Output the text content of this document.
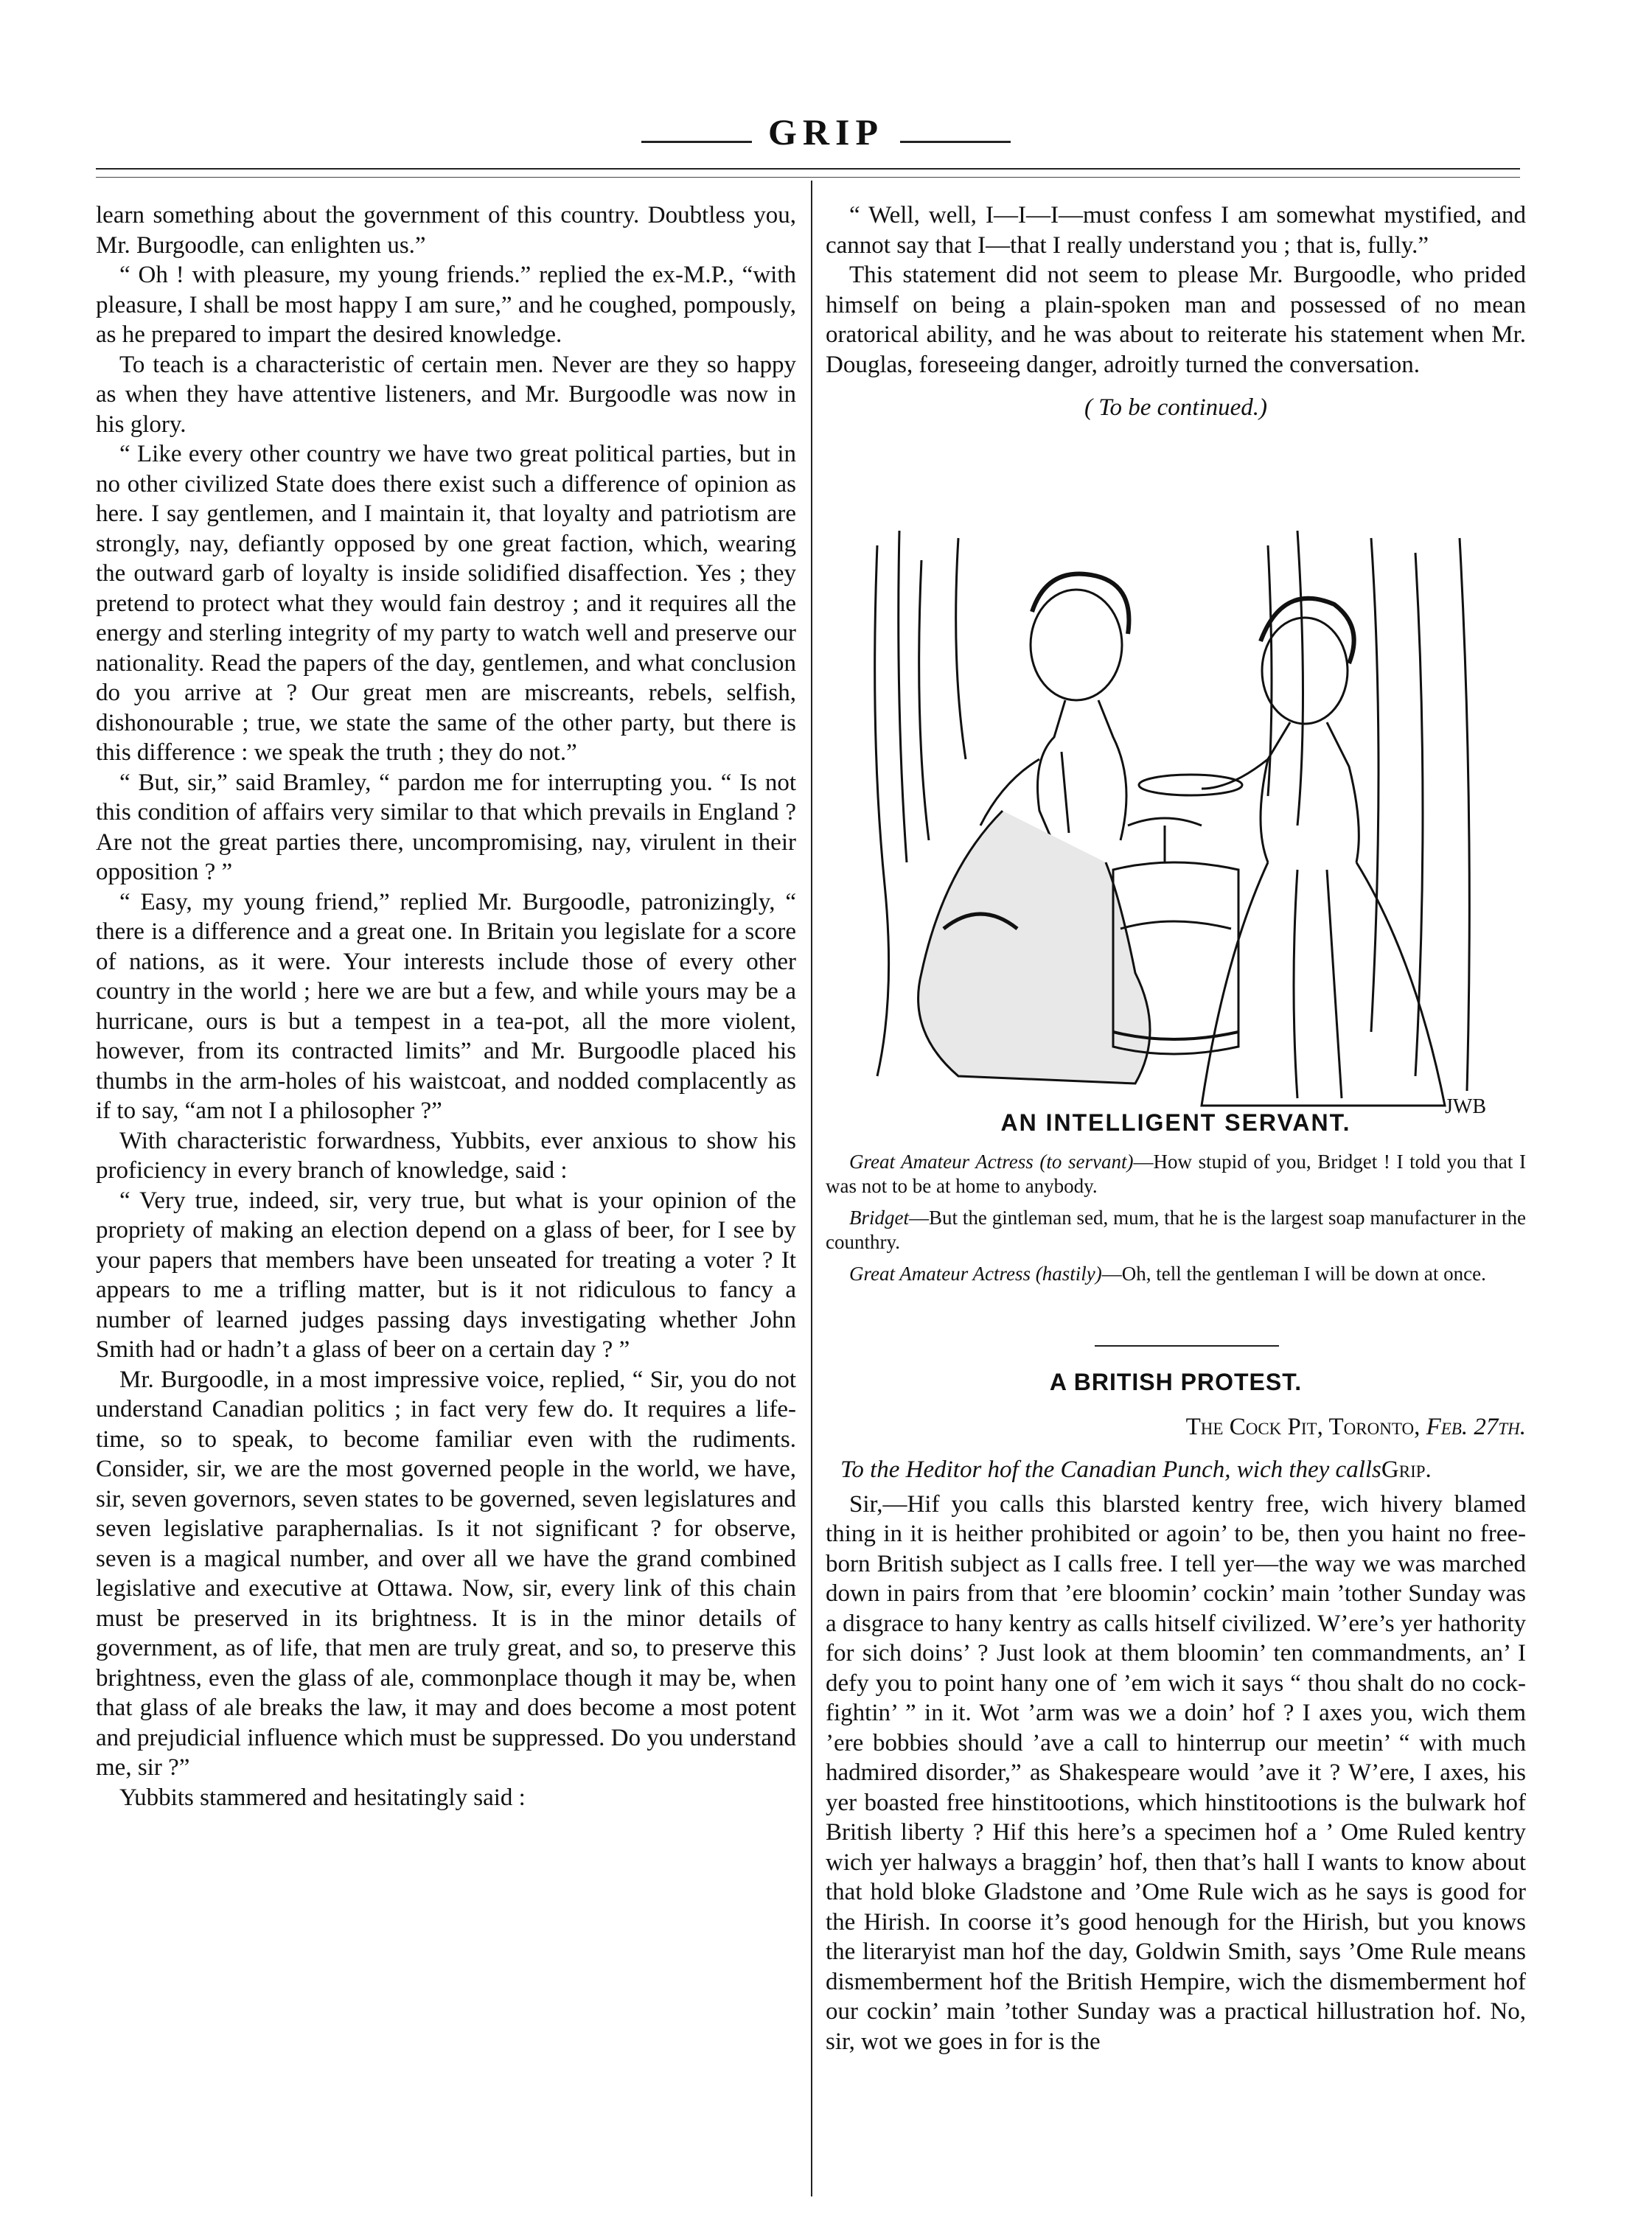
GRIP

learn something about the government of this country. Doubtless you, Mr. Burgoodle, can enlighten us.”

“ Oh ! with pleasure, my young friends.” replied the ex-M.P., “with pleasure, I shall be most happy I am sure,” and he coughed, pompously, as he prepared to impart the desired knowledge.

To teach is a characteristic of certain men. Never are they so happy as when they have attentive listeners, and Mr. Burgoodle was now in his glory.

“ Like every other country we have two great political parties, but in no other civilized State does there exist such a difference of opinion as here. I say gentlemen, and I maintain it, that loyalty and patriotism are strongly, nay, defiantly opposed by one great faction, which, wearing the outward garb of loyalty is inside solidified disaffection. Yes ; they pretend to protect what they would fain destroy ; and it requires all the energy and sterling integrity of my party to watch well and preserve our nationality. Read the papers of the day, gentlemen, and what conclusion do you arrive at ? Our great men are miscreants, rebels, selfish, dishonourable ; true, we state the same of the other party, but there is this difference : we speak the truth ; they do not.”

“ But, sir,” said Bramley, “ pardon me for interrupting you. “ Is not this condition of affairs very similar to that which prevails in England ? Are not the great parties there, uncompromising, nay, virulent in their opposition ? ”

“ Easy, my young friend,” replied Mr. Burgoodle, patronizingly, “ there is a difference and a great one. In Britain you legislate for a score of nations, as it were. Your interests include those of every other country in the world ; here we are but a few, and while yours may be a hurricane, ours is but a tempest in a tea-pot, all the more violent, however, from its contracted limits” and Mr. Burgoodle placed his thumbs in the arm-holes of his waistcoat, and nodded complacently as if to say, “am not I a philosopher ?”

With characteristic forwardness, Yubbits, ever anxious to show his proficiency in every branch of knowledge, said :

“ Very true, indeed, sir, very true, but what is your opinion of the propriety of making an election depend on a glass of beer, for I see by your papers that members have been unseated for treating a voter ? It appears to me a trifling matter, but is it not ridiculous to fancy a number of learned judges passing days investigating whether John Smith had or hadn’t a glass of beer on a certain day ? ”

Mr. Burgoodle, in a most impressive voice, replied, “ Sir, you do not understand Canadian politics ; in fact very few do. It requires a life-time, so to speak, to become familiar even with the rudiments. Consider, sir, we are the most governed people in the world, we have, sir, seven governors, seven states to be governed, seven legislatures and seven legislative paraphernalias. Is it not significant ? for observe, seven is a magical number, and over all we have the grand combined legislative and executive at Ottawa. Now, sir, every link of this chain must be preserved in its brightness. It is in the minor details of government, as of life, that men are truly great, and so, to preserve this brightness, even the glass of ale, commonplace though it may be, when that glass of ale breaks the law, it may and does become a most potent and prejudicial influence which must be suppressed. Do you understand me, sir ?”

Yubbits stammered and hesitatingly said :

“ Well, well, I—I—I—must confess I am somewhat mystified, and cannot say that I—that I really understand you ; that is, fully.”

This statement did not seem to please Mr. Burgoodle, who prided himself on being a plain-spoken man and possessed of no mean oratorical ability, and he was about to reiterate his statement when Mr. Douglas, foreseeing danger, adroitly turned the conversation.

( To be continued.)

JWB

AN INTELLIGENT SERVANT.

Great Amateur Actress (to servant)—How stupid of you, Bridget ! I told you that I was not to be at home to anybody.

Bridget—But the gintleman sed, mum, that he is the largest soap manufacturer in the counthry.

Great Amateur Actress (hastily)—Oh, tell the gentleman I will be down at once.

A BRITISH PROTEST.

The Cock Pit, Toronto, Feb. 27th.

To the Heditor hof the Canadian Punch, wich they callsGrip.

Sir,—Hif you calls this blarsted kentry free, wich hivery blamed thing in it is heither prohibited or agoin’ to be, then you haint no free-born British subject as I calls free. I tell yer—the way we was marched down in pairs from that ’ere bloomin’ cockin’ main ’tother Sunday was a disgrace to hany kentry as calls hitself civilized. W’ere’s yer hathority for sich doins’ ? Just look at them bloomin’ ten commandments, an’ I defy you to point hany one of ’em wich it says “ thou shalt do no cock-fightin’ ” in it. Wot ’arm was we a doin’ hof ? I axes you, wich them ’ere bobbies should ’ave a call to hinterrup our meetin’ “ with much hadmired disorder,” as Shakespeare would ’ave it ? W’ere, I axes, his yer boasted free hinstitootions, which hinstitootions is the bulwark hof British liberty ? Hif this here’s a specimen hof a ’ Ome Ruled kentry wich yer halways a braggin’ hof, then that’s hall I wants to know about that hold bloke Gladstone and ’Ome Rule wich as he says is good for the Hirish. In coorse it’s good henough for the Hirish, but you knows the literaryist man hof the day, Goldwin Smith, says ’Ome Rule means dismemberment hof the British Hempire, wich the dismemberment hof our cockin’ main ’tother Sunday was a practical hillustration hof. No, sir, wot we goes in for is the
